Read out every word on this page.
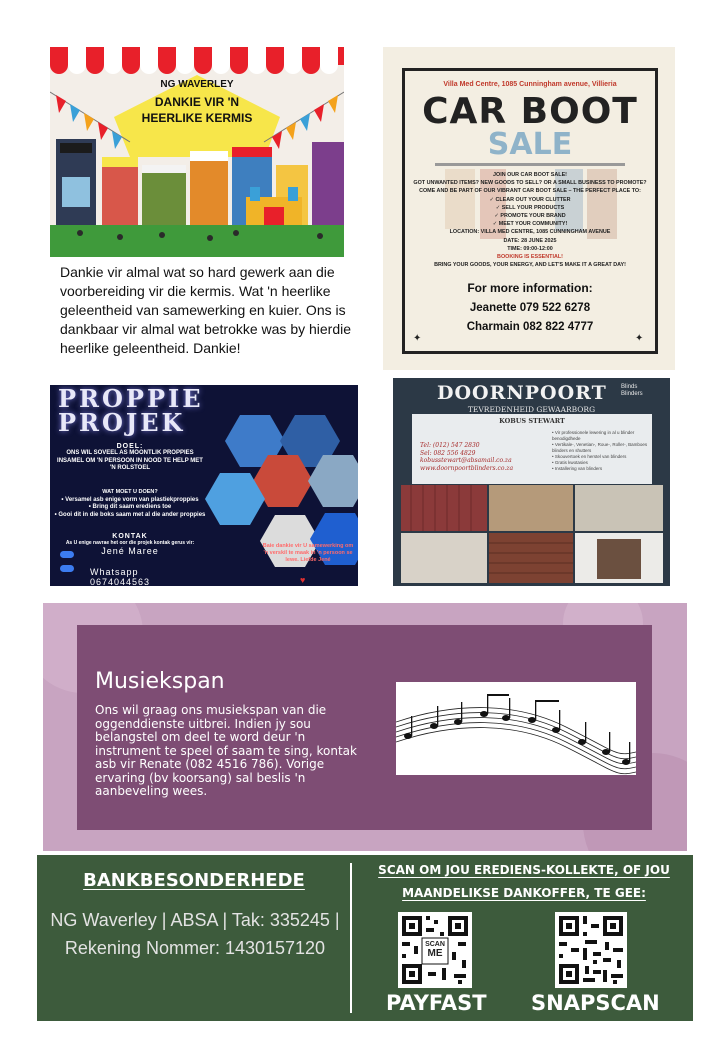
NG WAVERLEY
DANKIE VIR 'N
HEERLIKE KERMIS
Dankie vir almal wat so hard gewerk aan die voorbereiding vir die kermis. Wat 'n heerlike geleentheid van samewerking en kuier. Ons is dankbaar vir almal wat betrokke was by hierdie heerlike geleentheid. Dankie!
Villa Med Centre, 1085 Cunningham avenue, Villieria
CAR BOOT
SALE
JOIN OUR CAR BOOT SALE!
GOT UNWANTED ITEMS? NEW GOODS TO SELL? OR A SMALL BUSINESS TO PROMOTE?
COME AND BE PART OF OUR VIBRANT CAR BOOT SALE – THE PERFECT PLACE TO:
✓ CLEAR OUT YOUR CLUTTER
✓ SELL YOUR PRODUCTS
✓ PROMOTE YOUR BRAND
✓ MEET YOUR COMMUNITY!
LOCATION: VILLA MED CENTRE, 1085 CUNNINGHAM AVENUE
DATE: 28 JUNE 2025
TIME: 09:00-12:00
BOOKING IS ESSENTIAL!
BRING YOUR GOODS, YOUR ENERGY, AND LET'S MAKE IT A GREAT DAY!
For more information:
Jeanette 079 522 6278
Charmain 082 822 4777
✦	✦
PROPPIE
PROJEK
DOEL:
ONS WIL SOVEEL AS MOONTLIK PROPPIES INSAMEL OM 'N PERSOON IN NOOD TE HELP MET 'N ROLSTOEL
WAT MOET U DOEN?
• Versamel asb enige vorm van plastiekproppies
• Bring dit saam erediens toe
• Gooi dit in die boks saam met al die ander proppies
KONTAK
As U enige navrae het oor die projek kontak gerus vir:
Jené Maree
Whatsapp
0674044563
Baie dankie vir U samewerking om 'n verskil te maak in 'n persoon se lewe. Liefde Jené
♥
DOORNPOORT Blinds
Blinders
TEVREDENHEID GEWAARBORG
KOBUS STEWART
Tel: (012) 547 2830
Sel: 082 556 4829
kobusstewart@absamail.co.za
www.doornpoortblinders.co.za
• Vir professionele lewering in al u blinder benodigdhede
• Vertikale-, Venetian-, Roue-, Roller-, Bamboes blinders en shutters
• Skouvertoek en herstel van blinders
• Gratis kwotasies
• Installering van blinders
Musiekspan
Ons wil graag ons musiekspan van die oggenddienste uitbrei. Indien jy sou belangstel om deel te word deur 'n instrument te speel of saam te sing, kontak asb vir Renate (082 4516 786). Vorige ervaring (bv koorsang) sal beslis 'n aanbeveling wees.
BANKBESONDERHEDE
NG Waverley | ABSA | Tak: 335245 | Rekening Nommer: 1430157120
SCAN OM JOU EREDIENS-KOLLEKTE, OF JOU
MAANDELIKSE DANKOFFER, TE GEE:
SCAN
ME
PAYFAST SNAPSCAN
